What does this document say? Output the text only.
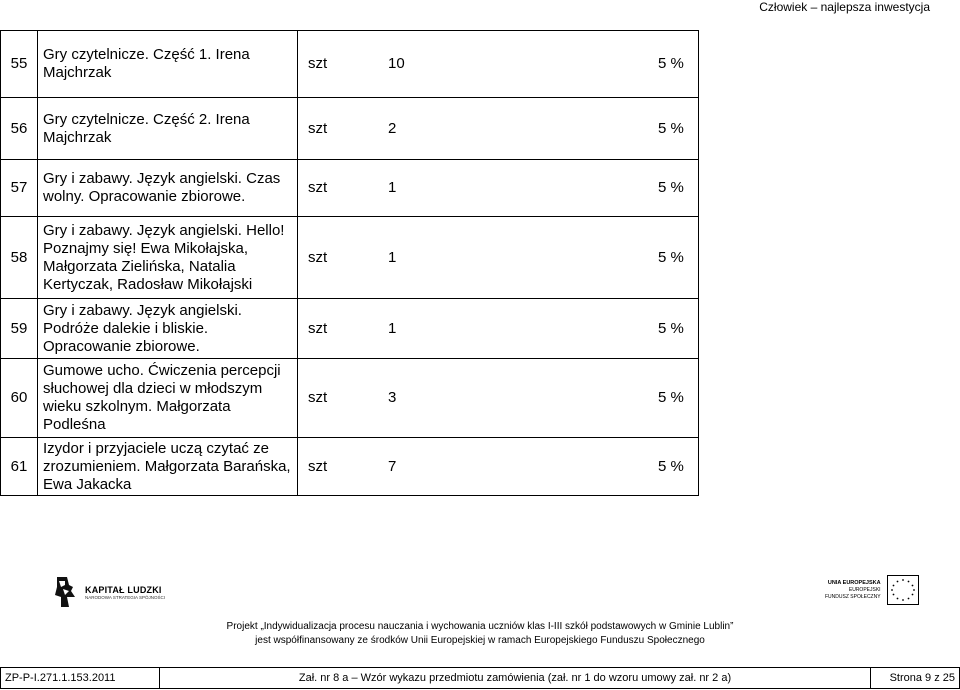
Człowiek – najlepsza inwestycja
55	Gry czytelnicze. Część 1. Irena Majchrzak	szt 10 5 %

56	Gry czytelnicze. Część 2. Irena Majchrzak	szt 2 5 %

57	Gry i zabawy. Język angielski. Czas wolny. Opracowanie zbiorowe.	szt 1 5 %

58	Gry i zabawy. Język angielski. Hello! Poznajmy się! Ewa Mikołajska, Małgorzata Zielińska, Natalia Kertyczak, Radosław Mikołajski	szt 1 5 %

59	Gry i zabawy. Język angielski. Podróże dalekie i bliskie. Opracowanie zbiorowe.	szt 1 5 %

60	Gumowe ucho. Ćwiczenia percepcji słuchowej dla dzieci w młodszym wieku szkolnym. Małgorzata Podleśna	szt 3 5 %

61	Izydor i przyjaciele uczą czytać ze zrozumieniem. Małgorzata Barańska, Ewa Jakacka	szt 7 5 %
KAPITAŁ LUDZKI
NARODOWA STRATEGIA SPÓJNOŚCI
UNIA EUROPEJSKA
EUROPEJSKI
FUNDUSZ SPOŁECZNY
Projekt „Indywidualizacja procesu nauczania i wychowania uczniów klas I-III szkół podstawowych w Gminie Lublin”
jest współfinansowany ze środków Unii Europejskiej w ramach Europejskiego Funduszu Społecznego
ZP-P-I.271.1.153.2011	Zał. nr 8 a – Wzór wykazu przedmiotu zamówienia (zał. nr 1 do wzoru umowy zał. nr 2 a)	Strona 9 z 25
